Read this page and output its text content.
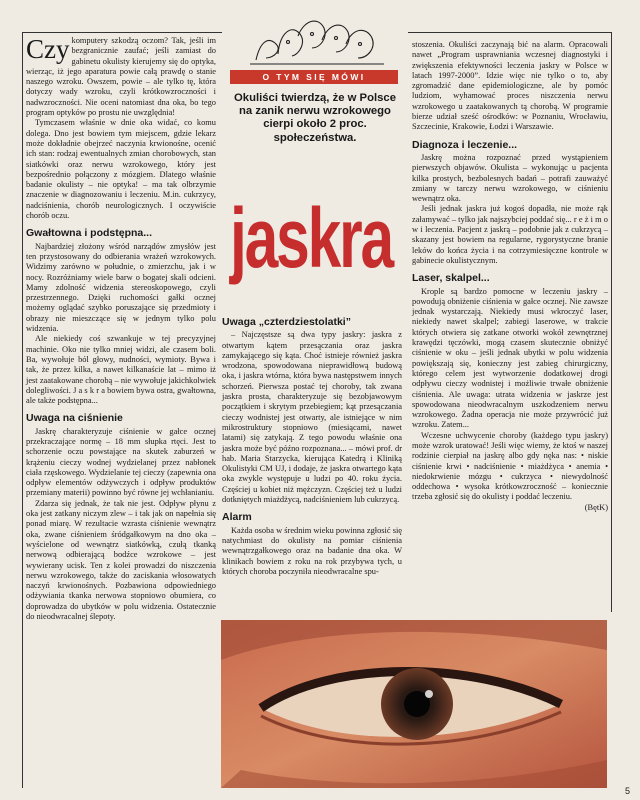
O TYM SIĘ MÓWI
Okuliści twierdzą, że w Polsce na zanik nerwu wzrokowego cierpi około 2 proc. społeczeństwa.
jaskra

Czy komputery szkodzą oczom? Tak, jeśli im bezgranicznie zaufać; jeśli zamiast do gabinetu okulisty kierujemy się do optyka, wierząc, iż jego aparatura powie całą prawdę o stanie naszego wzroku. Owszem, powie – ale tylko tę, która dotyczy wady wzroku, czyli krótkowzroczności i nadwzroczności. Nie oceni natomiast dna oka, bo tego program optyków po prostu nie uwzględnia!

Tymczasem właśnie w dnie oka widać, co komu dolega. Dno jest bowiem tym miejscem, gdzie lekarz może dokładnie obejrzeć naczynia krwionośne, ocenić ich stan: rodzaj ewentualnych zmian chorobowych, stan siatkówki oraz nerwu wzrokowego, który jest bezpośrednio połączony z mózgiem. Dlatego właśnie badanie okulisty – nie optyka! – ma tak olbrzymie znaczenie w diagnozowaniu i leczeniu. M.in. cukrzycy, nadciśnienia, chorób neurologicznych. I oczywiście chorób oczu.

Gwałtowna i podstępna...

Najbardziej złożony wśród narządów zmysłów jest ten przystosowany do odbierania wrażeń wzrokowych. Widzimy zarówno w południe, o zmierzchu, jak i w nocy. Rozróżniamy wiele barw o bogatej skali odcieni. Mamy zdolność widzenia stereoskopowego, czyli przestrzennego. Dzięki ruchomości gałki ocznej możemy oglądać szybko poruszające się przedmioty i obrazy nie mieszczące się w jednym tylko polu widzenia.

Ale niekiedy coś szwankuje w tej precyzyjnej machinie. Oko nie tylko mniej widzi, ale czasem boli. Ba, wywołuje ból głowy, nudności, wymioty. Bywa i tak, że przez kilka, a nawet kilkanaście lat – mimo iż jest zaatakowane chorobą – nie wywołuje jakichkolwiek dolegliwości. J a s k r a bowiem bywa ostra, gwałtowna, ale także podstępna...

Uwaga na ciśnienie

Jaskrę charakteryzuje ciśnienie w gałce ocznej przekraczające normę – 18 mm słupka rtęci. Jest to schorzenie oczu powstające na skutek zaburzeń w krążeniu cieczy wodnej wydzielanej przez nabłonek ciała rzęskowego. Wydzielanie tej cieczy (zapewnia ona odpływ elementów odżywczych i odpływ produktów przemiany materii) powinno być równe jej wchłanianiu.

Zdarza się jednak, że tak nie jest. Odpływ płynu z oka jest zatkany niczym zlew – i tak jak on napełnia się ponad miarę. W rezultacie wzrasta ciśnienie wewnątrz oka, zwane ciśnieniem śródgałkowym na dno oka – wyścielone od wewnątrz siatkówką, czułą tkanką nerwową odbierającą bodźce wzrokowe – jest wywierany ucisk. Ten z kolei prowadzi do niszczenia nerwu wzrokowego, także do zaciskania włosowatych naczyń krwionośnych. Pozbawiona odpowiedniego odżywiania tkanka nerwowa stopniowo obumiera, co doprowadza do ubytków w polu widzenia. Ostatecznie do nieodwracalnej ślepoty.

Uwaga „czterdziestolatki”

– Najczęstsze są dwa typy jaskry: jaskra z otwartym kątem przesączania oraz jaskra zamykającego się kąta. Choć istnieje również jaskra wrodzona, spowodowana nieprawidłową budową oka, i jaskra wtórna, która bywa następstwem innych schorzeń. Pierwsza postać tej choroby, tak zwana jaskra prosta, charakteryzuje się bezobjawowym początkiem i skrytym przebiegiem; kąt przesączania cieczy wodnistej jest otwarty, ale istniejące w nim mikrostruktury stopniowo (miesiącami, nawet latami) się zatykają. Z tego powodu właśnie ona jaskra może być późno rozpoznana... – mówi prof. dr hab. Maria Starzycka, kierująca Katedrą i Kliniką Okulistyki CM UJ, i dodaje, że jaskra otwartego kąta oka zwykle występuje u ludzi po 40. roku życia. Częściej u kobiet niż mężczyzn. Częściej też u ludzi dotkniętych miażdżycą, nadciśnieniem lub cukrzycą.

Alarm

Każda osoba w średnim wieku powinna zgłosić się natychmiast do okulisty na pomiar ciśnienia wewnątrzgałkowego oraz na badanie dna oka. W klinikach bowiem z roku na rok przybywa tych, u których choroba poczyniła nieodwracalne spu-

stoszenia. Okuliści zaczynają bić na alarm. Opracowali nawet „Program usprawniania wczesnej diagnostyki i zwiększenia efektywności leczenia jaskry w Polsce w latach 1997-2000”. Idzie więc nie tylko o to, aby zgromadzić dane epidemiologiczne, ale by pomóc ludziom, wyhamować proces niszczenia nerwu wzrokowego u zaatakowanych tą chorobą. W programie bierze udział sześć ośrodków: w Poznaniu, Wrocławiu, Szczecinie, Krakowie, Łodzi i Warszawie.

Diagnoza i leczenie...

Jaskrę można rozpoznać przed wystąpieniem pierwszych objawów. Okulista – wykonując u pacjenta kilka prostych, bezbolesnych badań – potrafi zauważyć zmiany w tarczy nerwu wzrokowego, w ciśnieniu wewnątrz oka.

Jeśli jednak jaskra już kogoś dopadła, nie może rąk załamywać – tylko jak najszybciej poddać się... r e ż i m o w i leczenia. Pacjent z jaskrą – podobnie jak z cukrzycą – skazany jest bowiem na regularne, rygorystyczne branie leków do końca życia i na cotrzymiesięczne kontrole w gabinecie okulistycznym.

Laser, skalpel...

Krople są bardzo pomocne w leczeniu jaskry – powodują obniżenie ciśnienia w gałce ocznej. Nie zawsze jednak wystarczają. Niekiedy musi wkroczyć laser, niekiedy nawet skalpel; zabiegi laserowe, w trakcie których otwiera się zatkane otworki wokół zewnętrznej krawędzi tęczówki, mogą czasem skutecznie obniżyć ciśnienie w oku – jeśli jednak ubytki w polu widzenia powiększają się, konieczny jest zabieg chirurgiczny, którego celem jest wytworzenie dodatkowej drogi odpływu cieczy wodnistej i możliwie trwałe obniżenie ciśnienia. Ale uwaga: utrata widzenia w jaskrze jest spowodowana nieodwracalnym uszkodzeniem nerwu wzrokowego. Żadna operacja nie może przywrócić już wzroku. Zatem...

Wczesne uchwycenie choroby (każdego typu jaskry) może wzrok uratować! Jeśli więc wiemy, że ktoś w naszej rodzinie cierpiał na jaskrę albo gdy nęka nas: • niskie ciśnienie krwi • nadciśnienie • miażdżyca • anemia • niedokrwienie mózgu • cukrzyca • niewydolność oddechowa • wysoka krótkowzroczność – koniecznie trzeba zgłosić się do okulisty i poddać leczeniu.

(BętK)

5
